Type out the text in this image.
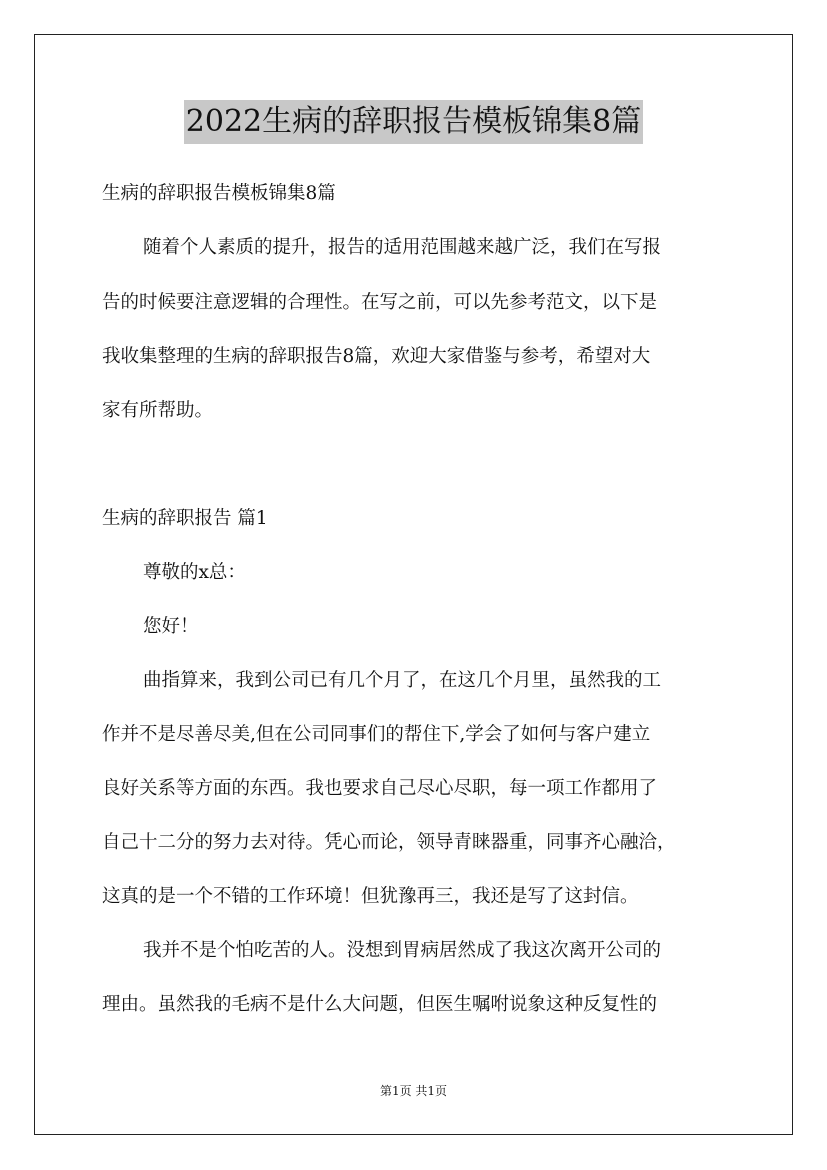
2022生病的辞职报告模板锦集8篇
生病的辞职报告模板锦集8篇
随着个人素质的提升，报告的适用范围越来越广泛，我们在写报
告的时候要注意逻辑的合理性。在写之前，可以先参考范文，以下是
我收集整理的生病的辞职报告8篇，欢迎大家借鉴与参考，希望对大
家有所帮助。
生病的辞职报告 篇1
尊敬的x总：
您好！
曲指算来，我到公司已有几个月了，在这几个月里，虽然我的工
作并不是尽善尽美,但在公司同事们的帮住下,学会了如何与客户建立
良好关系等方面的东西。我也要求自己尽心尽职，每一项工作都用了
自己十二分的努力去对待。凭心而论，领导青睐器重，同事齐心融洽，
这真的是一个不错的工作环境！但犹豫再三，我还是写了这封信。
我并不是个怕吃苦的人。没想到胃病居然成了我这次离开公司的
理由。虽然我的毛病不是什么大问题，但医生嘱咐说象这种反复性的
第1页 共1页
